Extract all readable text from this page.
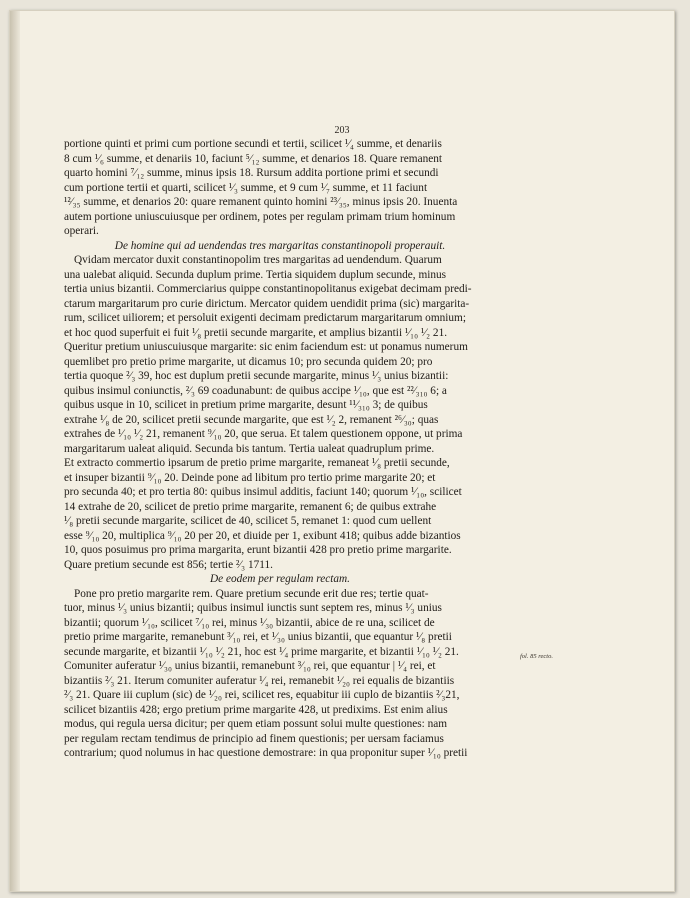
203
portione quinti et primi cum portione secundi et tertii, scilicet ¹⁄₄ summe, et denariis
8 cum ¹⁄₆ summe, et denariis 10, faciunt ⁵⁄₁₂ summe, et denarios 18. Quare remanent
quarto homini ⁷⁄₁₂ summe, minus ipsis 18. Rursum addita portione primi et secundi
cum portione tertii et quarti, scilicet ¹⁄₃ summe, et 9 cum ¹⁄₇ summe, et 11 faciunt
¹²⁄₃₅ summe, et denarios 20: quare remanent quinto homini ²³⁄₃₅, minus ipsis 20. Inuenta
autem portione uniuscuiusque per ordinem, potes per regulam primam trium hominum
operari.
De homine qui ad uendendas tres margaritas constantinopoli properauit.
Qvidam mercator duxit constantinopolim tres margaritas ad uendendum. Quarum
una ualebat aliquid. Secunda duplum prime. Tertia siquidem duplum secunde, minus
tertia unius bizantii. Commerciarius quippe constantinopolitanus exigebat decimam predi-
ctarum margaritarum pro curie dirictum. Mercator quidem uendidit prima (sic) margarita-
rum, scilicet uiliorem; et persoluit exigenti decimam predictarum margaritarum omnium;
et hoc quod superfuit ei fuit ¹⁄₈ pretii secunde margarite, et amplius bizantii ¹⁄₁₀ ¹⁄₂ 21.
Queritur pretium uniuscuiusque margarite: sic enim faciendum est: ut ponamus numerum
quemlibet pro pretio prime margarite, ut dicamus 10; pro secunda quidem 20; pro
tertia quoque ²⁄₃ 39, hoc est duplum pretii secunde margarite, minus ¹⁄₃ unius bizantii:
quibus insimul coniunctis, ²⁄₃ 69 coadunabunt: de quibus accipe ¹⁄₁₀, que est ²²⁄₃₁₀ 6; a
quibus usque in 10, scilicet in pretium prime margarite, desunt ¹¹⁄₃₁₀ 3; de quibus
extrahe ¹⁄₈ de 20, scilicet pretii secunde margarite, que est ¹⁄₂ 2, remanent ²⁶⁄₃₀; quas
extrahes de ¹⁄₁₀ ¹⁄₂ 21, remanent ⁹⁄₁₀ 20, que serua. Et talem questionem oppone, ut prima
margaritarum ualeat aliquid. Secunda bis tantum. Tertia ualeat quadruplum prime.
Et extracto commertio ipsarum de pretio prime margarite, remaneat ¹⁄₈ pretii secunde,
et insuper bizantii ⁹⁄₁₀ 20. Deinde pone ad libitum pro tertio prime margarite 20; et
pro secunda 40; et pro tertia 80: quibus insimul additis, faciunt 140; quorum ¹⁄₁₀, scilicet
14 extrahe de 20, scilicet de pretio prime margarite, remanent 6; de quibus extrahe
¹⁄₈ pretii secunde margarite, scilicet de 40, scilicet 5, remanet 1: quod cum uellent
esse ⁹⁄₁₀ 20, multiplica ⁹⁄₁₀ 20 per 20, et diuide per 1, exibunt 418; quibus adde bizantios
10, quos posuimus pro prima margarita, erunt bizantii 428 pro pretio prime margarite.
Quare pretium secunde est 856; tertie ²⁄₃ 1711.
De eodem per regulam rectam.
Pone pro pretio margarite rem. Quare pretium secunde erit due res; tertie quat-
tuor, minus ¹⁄₃ unius bizantii; quibus insimul iunctis sunt septem res, minus ¹⁄₃ unius
bizantii; quorum ¹⁄₁₀, scilicet ⁷⁄₁₀ rei, minus ¹⁄₃₀ bizantii, abice de re una, scilicet de
pretio prime margarite, remanebunt ³⁄₁₀ rei, et ¹⁄₃₀ unius bizantii, que equantur ¹⁄₈ pretii
secunde margarite, et bizantii ¹⁄₁₀ ¹⁄₂ 21, hoc est ¹⁄₄ prime margarite, et bizantii ¹⁄₁₀ ¹⁄₂ 21.
Comuniter auferatur ¹⁄₃₀ unius bizantii, remanebunt ³⁄₁₀ rei, que equantur | ¹⁄₄ rei, et
bizantiis ²⁄₃ 21. Iterum comuniter auferatur ¹⁄₄ rei, remanebit ¹⁄₂₀ rei equalis de bizantiis
²⁄₃ 21. Quare iii cuplum (sic) de ¹⁄₂₀ rei, scilicet res, equabitur iii cuplo de bizantiis ²⁄₃21,
scilicet bizantiis 428; ergo pretium prime margarite 428, ut predixims. Est enim alius
modus, qui regula uersa dicitur; per quem etiam possunt solui multe questiones: nam
per regulam rectam tendimus de principio ad finem questionis; per uersam faciamus
contrarium; quod nolumus in hac questione demostrare: in qua proponitur super ¹⁄₁₀ pretii
fol. 85 recto.
